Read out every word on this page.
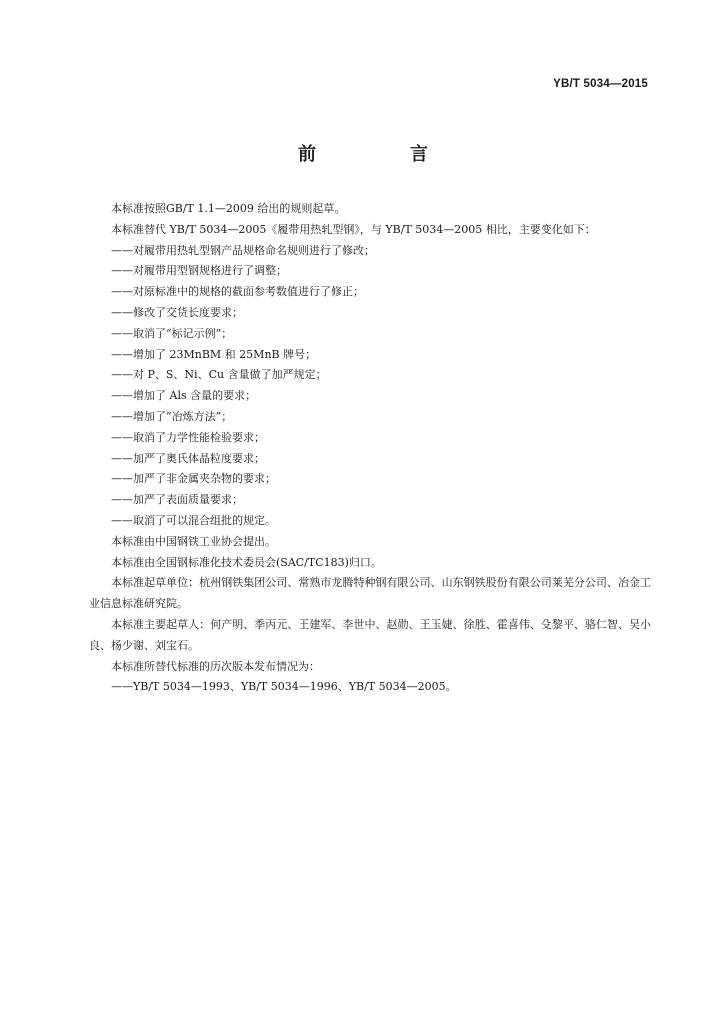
YB/T 5034—2015
前　言

本标准按照GB/T 1.1—2009 给出的规则起草。

本标准替代 YB/T 5034—2005《履带用热轧型钢》，与 YB/T 5034—2005 相比，主要变化如下：

——对履带用热轧型钢产品规格命名规则进行了修改；

——对履带用型钢规格进行了调整；

——对原标准中的规格的截面参考数值进行了修正；

——修改了交货长度要求；

——取消了“标记示例”；

——增加了 23MnBM 和 25MnB 牌号；

——对 P、S、Ni、Cu 含量做了加严规定；

——增加了 Als 含量的要求；

——增加了“冶炼方法”；

——取消了力学性能检验要求；

——加严了奥氏体晶粒度要求；

——加严了非金属夹杂物的要求；

——加严了表面质量要求；

——取消了可以混合组批的规定。

本标准由中国钢铁工业协会提出。

本标准由全国钢标准化技术委员会(SAC/TC183)归口。

本标准起草单位：杭州钢铁集团公司、常熟市龙腾特种钢有限公司、山东钢铁股份有限公司莱芜分公司、冶金工业信息标准研究院。

本标准主要起草人：何产明、季丙元、王建军、李世中、赵勋、王玉婕、徐胜、霍喜伟、殳黎平、骆仁智、吴小良、杨少谢、刘宝石。

本标准所替代标准的历次版本发布情况为：

——YB/T 5034—1993、YB/T 5034—1996、YB/T 5034—2005。
